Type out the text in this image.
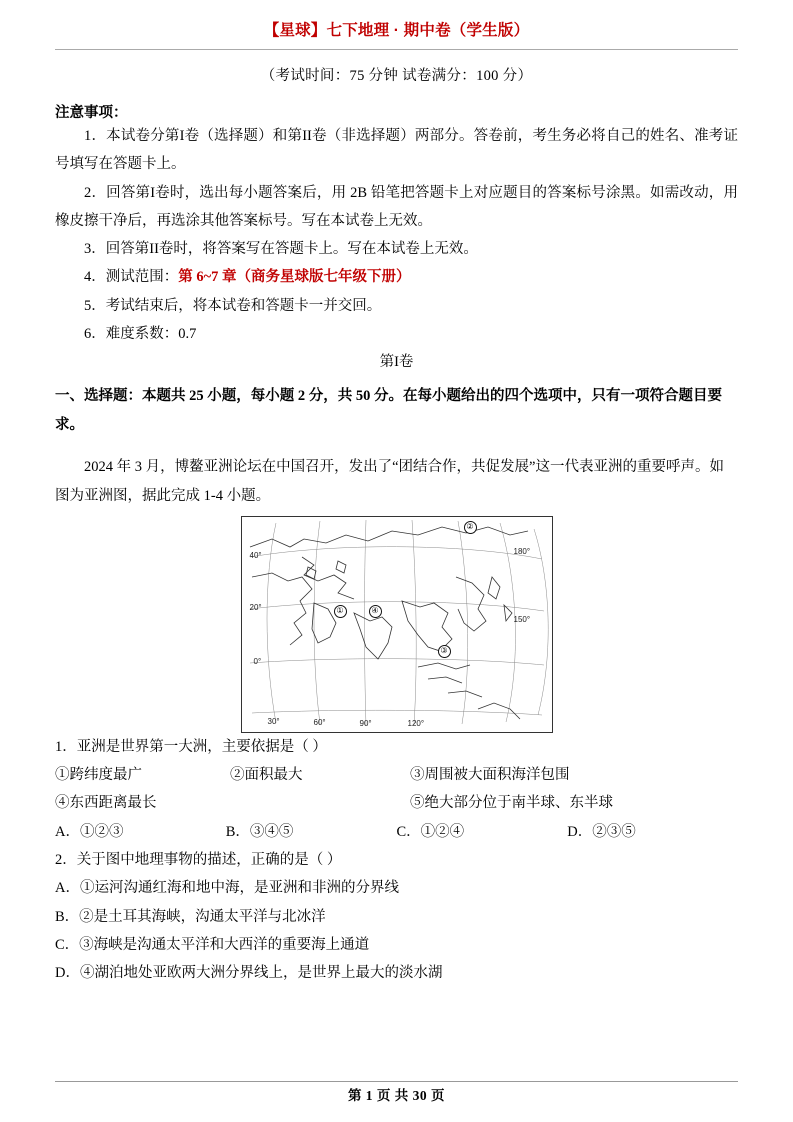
【星球】七下地理 · 期中卷（学生版）
（考试时间：75 分钟 试卷满分：100 分）
注意事项：

1．本试卷分第I卷（选择题）和第II卷（非选择题）两部分。答卷前，考生务必将自己的姓名、准考证号填写在答题卡上。

2．回答第I卷时，选出每小题答案后，用 2B 铅笔把答题卡上对应题目的答案标号涂黑。如需改动，用橡皮擦干净后，再选涂其他答案标号。写在本试卷上无效。

3．回答第II卷时，将答案写在答题卡上。写在本试卷上无效。

4．测试范围：第 6~7 章（商务星球版七年级下册）

5．考试结束后，将本试卷和答题卡一并交回。

6．难度系数：0.7

第I卷

一、选择题：本题共 25 小题，每小题 2 分，共 50 分。在每小题给出的四个选项中，只有一项符合题目要求。

2024 年 3 月，博鳌亚洲论坛在中国召开，发出了“团结合作，共促发展”这一代表亚洲的重要呼声。如图为亚洲图，据此完成 1-4 小题。

②
①	④
③
180°
150°
40°
20°
0°
30°	60°	90°	120°

1．亚洲是世界第一大洲，主要依据是（ ）

①跨纬度最广	②面积最大	③周围被大面积海洋包围
④东西距离最长	⑤绝大部分位于南半球、东半球
A．①②③	B．③④⑤	C．①②④	D．②③⑤

2．关于图中地理事物的描述，正确的是（ ）

A．①运河沟通红海和地中海，是亚洲和非洲的分界线

B．②是土耳其海峡，沟通太平洋与北冰洋

C．③海峡是沟通太平洋和大西洋的重要海上通道

D．④湖泊地处亚欧两大洲分界线上，是世界上最大的淡水湖

第 1 页 共 30 页
